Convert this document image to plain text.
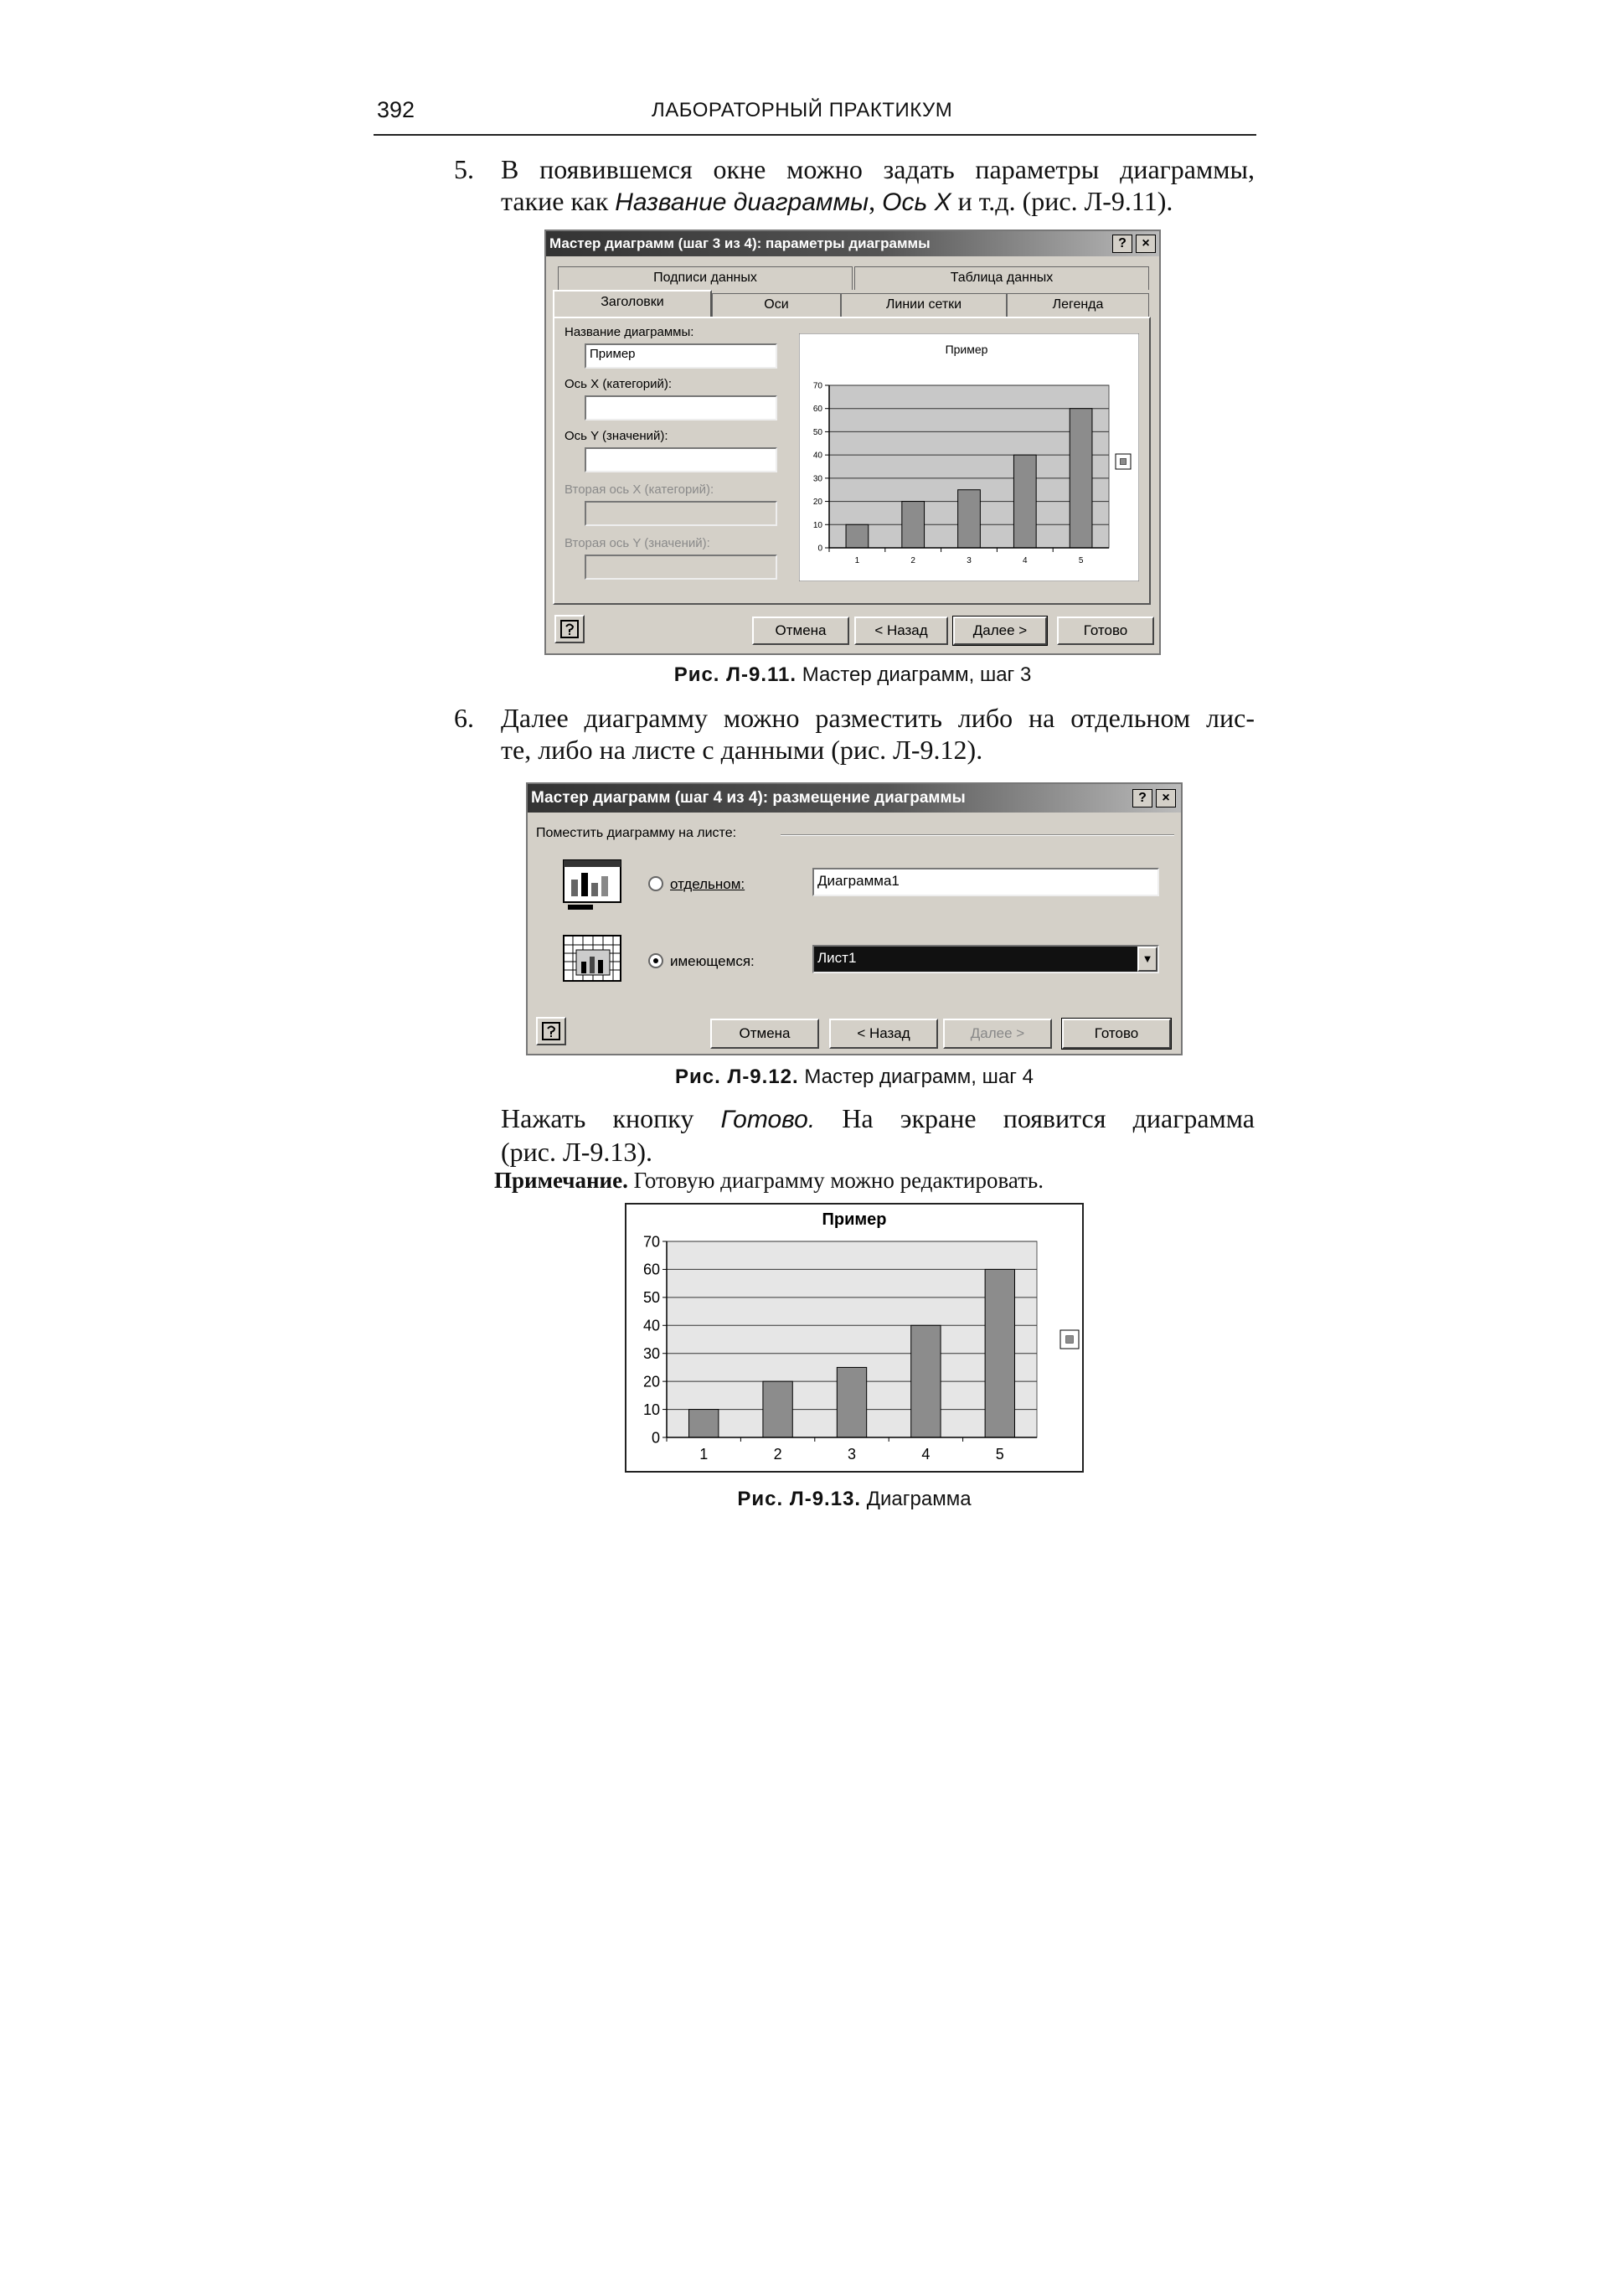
392	ЛАБОРАТОРНЫЙ ПРАКТИКУМ
5. В появившемся окне можно задать параметры диаграммы,
такие как Название диаграммы, Ось X и т.д. (рис. Л-9.11).
Мастер диаграмм (шаг 3 из 4): параметры диаграммы	?	×
Подписи данных	Таблица данных
Заголовки	Оси	Линии сетки	Легенда
Название диаграммы:
Пример
Ось X (категорий):
Ось Y (значений):
Вторая ось X (категорий):
Вторая ось Y (значений):
Пример
0
10
20
30
40
50
60
70
1	2	3	4	5
Отмена	< Назад	Далее >	Готово
Рис. Л-9.11. Мастер диаграмм, шаг 3
6. Далее диаграмму можно разместить либо на отдельном лис-
те, либо на листе с данными (рис. Л-9.12).
Мастер диаграмм (шаг 4 из 4): размещение диаграммы	?	×
Поместить диаграмму на листе:
отдельном:	Диаграмма1
имеющемся:	Лист1	▼
Отмена	< Назад	Далее >	Готово
Рис. Л-9.12. Мастер диаграмм, шаг 4
Нажать кнопку Готово. На экране появится диаграмма
(рис. Л-9.13).
Примечание. Готовую диаграмму можно редактировать.
Пример
0
10
20
30
40
50
60
70
1	2	3	4	5
Рис. Л-9.13. Диаграмма
